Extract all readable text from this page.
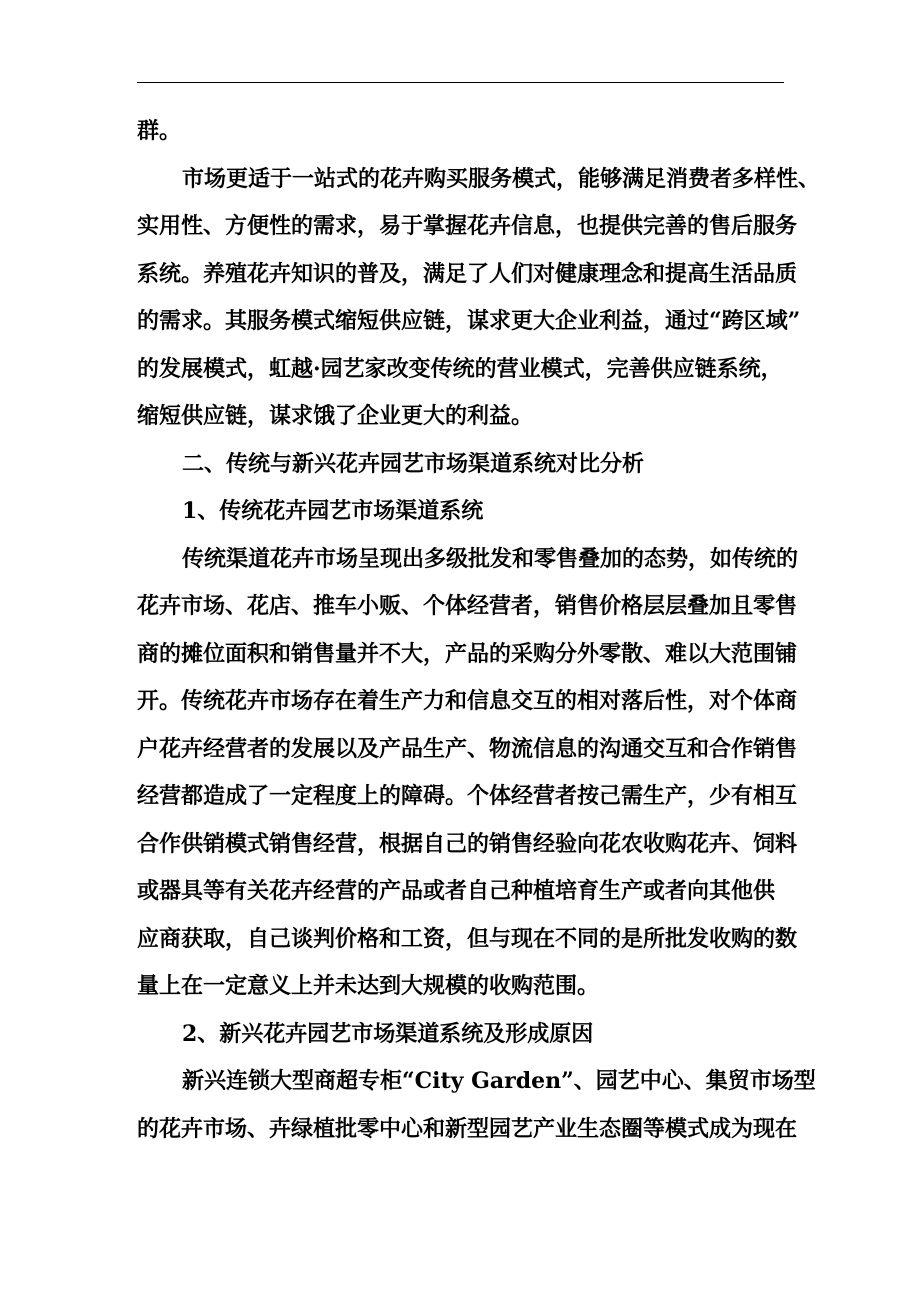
群。
市场更适于一站式的花卉购买服务模式，能够满足消费者多样性、
实用性、方便性的需求，易于掌握花卉信息，也提供完善的售后服务
系统。养殖花卉知识的普及，满足了人们对健康理念和提高生活品质
的需求。其服务模式缩短供应链，谋求更大企业利益，通过“跨区域”
的发展模式，虹越·园艺家改变传统的营业模式，完善供应链系统，
缩短供应链，谋求饿了企业更大的利益。
二、传统与新兴花卉园艺市场渠道系统对比分析
1、传统花卉园艺市场渠道系统
传统渠道花卉市场呈现出多级批发和零售叠加的态势，如传统的
花卉市场、花店、推车小贩、个体经营者，销售价格层层叠加且零售
商的摊位面积和销售量并不大，产品的采购分外零散、难以大范围铺
开。传统花卉市场存在着生产力和信息交互的相对落后性，对个体商
户花卉经营者的发展以及产品生产、物流信息的沟通交互和合作销售
经营都造成了一定程度上的障碍。个体经营者按己需生产，少有相互
合作供销模式销售经营，根据自己的销售经验向花农收购花卉、饲料
或器具等有关花卉经营的产品或者自己种植培育生产或者向其他供
应商获取，自己谈判价格和工资，但与现在不同的是所批发收购的数
量上在一定意义上并未达到大规模的收购范围。
2、新兴花卉园艺市场渠道系统及形成原因
新兴连锁大型商超专柜“City Garden”、园艺中心、集贸市场型
的花卉市场、卉绿植批零中心和新型园艺产业生态圈等模式成为现在
